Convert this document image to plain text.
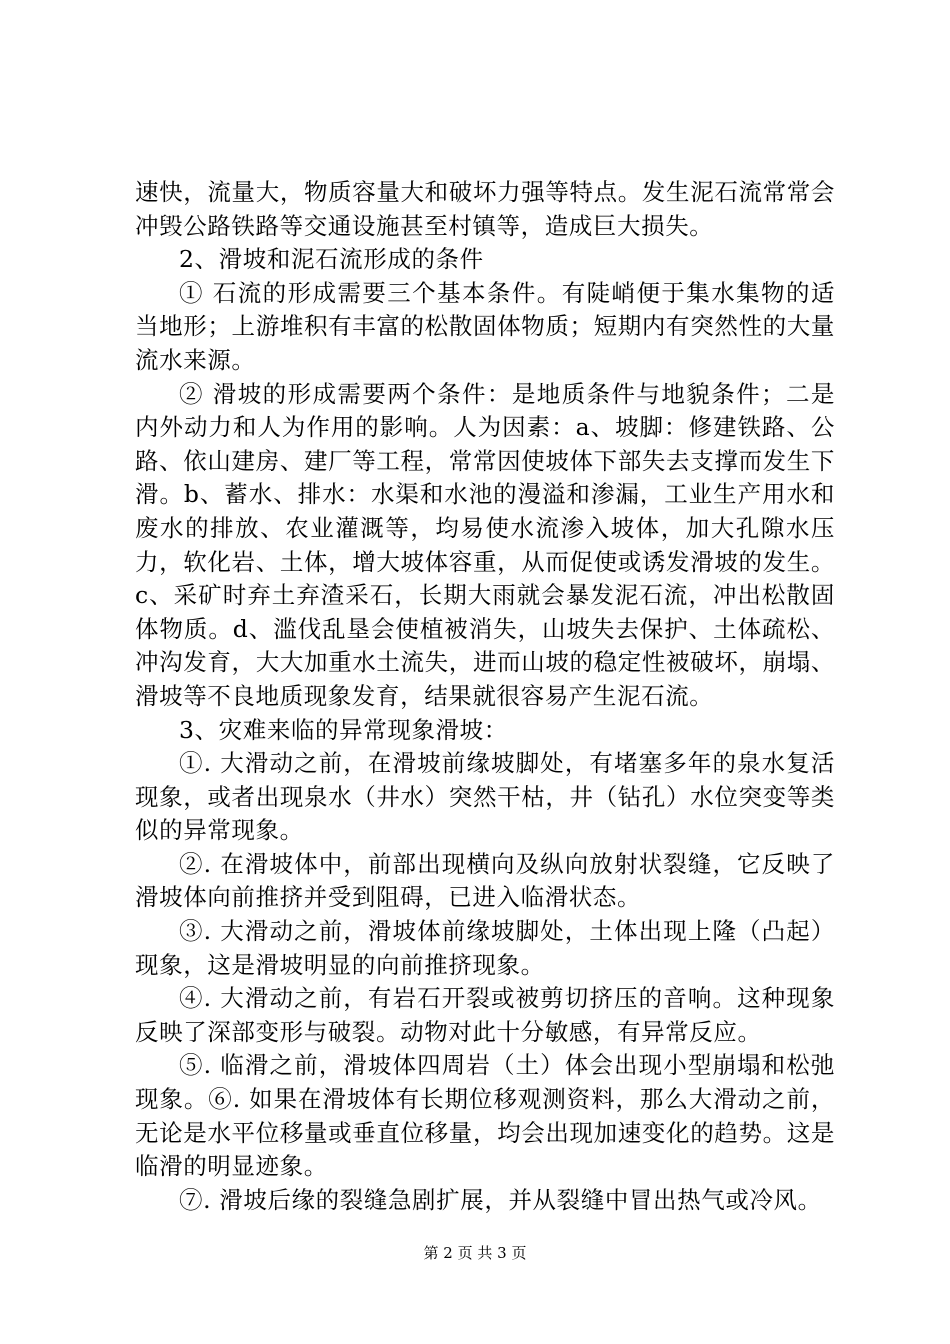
速快，流量大，物质容量大和破坏力强等特点。发生泥石流常常会冲毁公路铁路等交通设施甚至村镇等，造成巨大损失。

2、滑坡和泥石流形成的条件

① 石流的形成需要三个基本条件。有陡峭便于集水集物的适当地形；上游堆积有丰富的松散固体物质；短期内有突然性的大量流水来源。

② 滑坡的形成需要两个条件：是地质条件与地貌条件；二是内外动力和人为作用的影响。人为因素：a、坡脚：修建铁路、公路、依山建房、建厂等工程，常常因使坡体下部失去支撑而发生下滑。b、蓄水、排水：水渠和水池的漫溢和渗漏，工业生产用水和废水的排放、农业灌溉等，均易使水流渗入坡体，加大孔隙水压力，软化岩、土体，增大坡体容重，从而促使或诱发滑坡的发生。c、采矿时弃土弃渣采石，长期大雨就会暴发泥石流，冲出松散固体物质。d、滥伐乱垦会使植被消失，山坡失去保护、土体疏松、冲沟发育，大大加重水土流失，进而山坡的稳定性被破坏，崩塌、滑坡等不良地质现象发育，结果就很容易产生泥石流。

3、灾难来临的异常现象滑坡：

①. 大滑动之前，在滑坡前缘坡脚处，有堵塞多年的泉水复活现象，或者出现泉水（井水）突然干枯，井（钻孔）水位突变等类似的异常现象。

②. 在滑坡体中，前部出现横向及纵向放射状裂缝，它反映了滑坡体向前推挤并受到阻碍，已进入临滑状态。

③. 大滑动之前，滑坡体前缘坡脚处，土体出现上隆（凸起）现象，这是滑坡明显的向前推挤现象。

④. 大滑动之前，有岩石开裂或被剪切挤压的音响。这种现象反映了深部变形与破裂。动物对此十分敏感，有异常反应。

⑤. 临滑之前，滑坡体四周岩（土）体会出现小型崩塌和松弛现象。⑥. 如果在滑坡体有长期位移观测资料，那么大滑动之前，无论是水平位移量或垂直位移量，均会出现加速变化的趋势。这是临滑的明显迹象。

⑦. 滑坡后缘的裂缝急剧扩展，并从裂缝中冒出热气或冷风。

第 2 页 共 3 页
